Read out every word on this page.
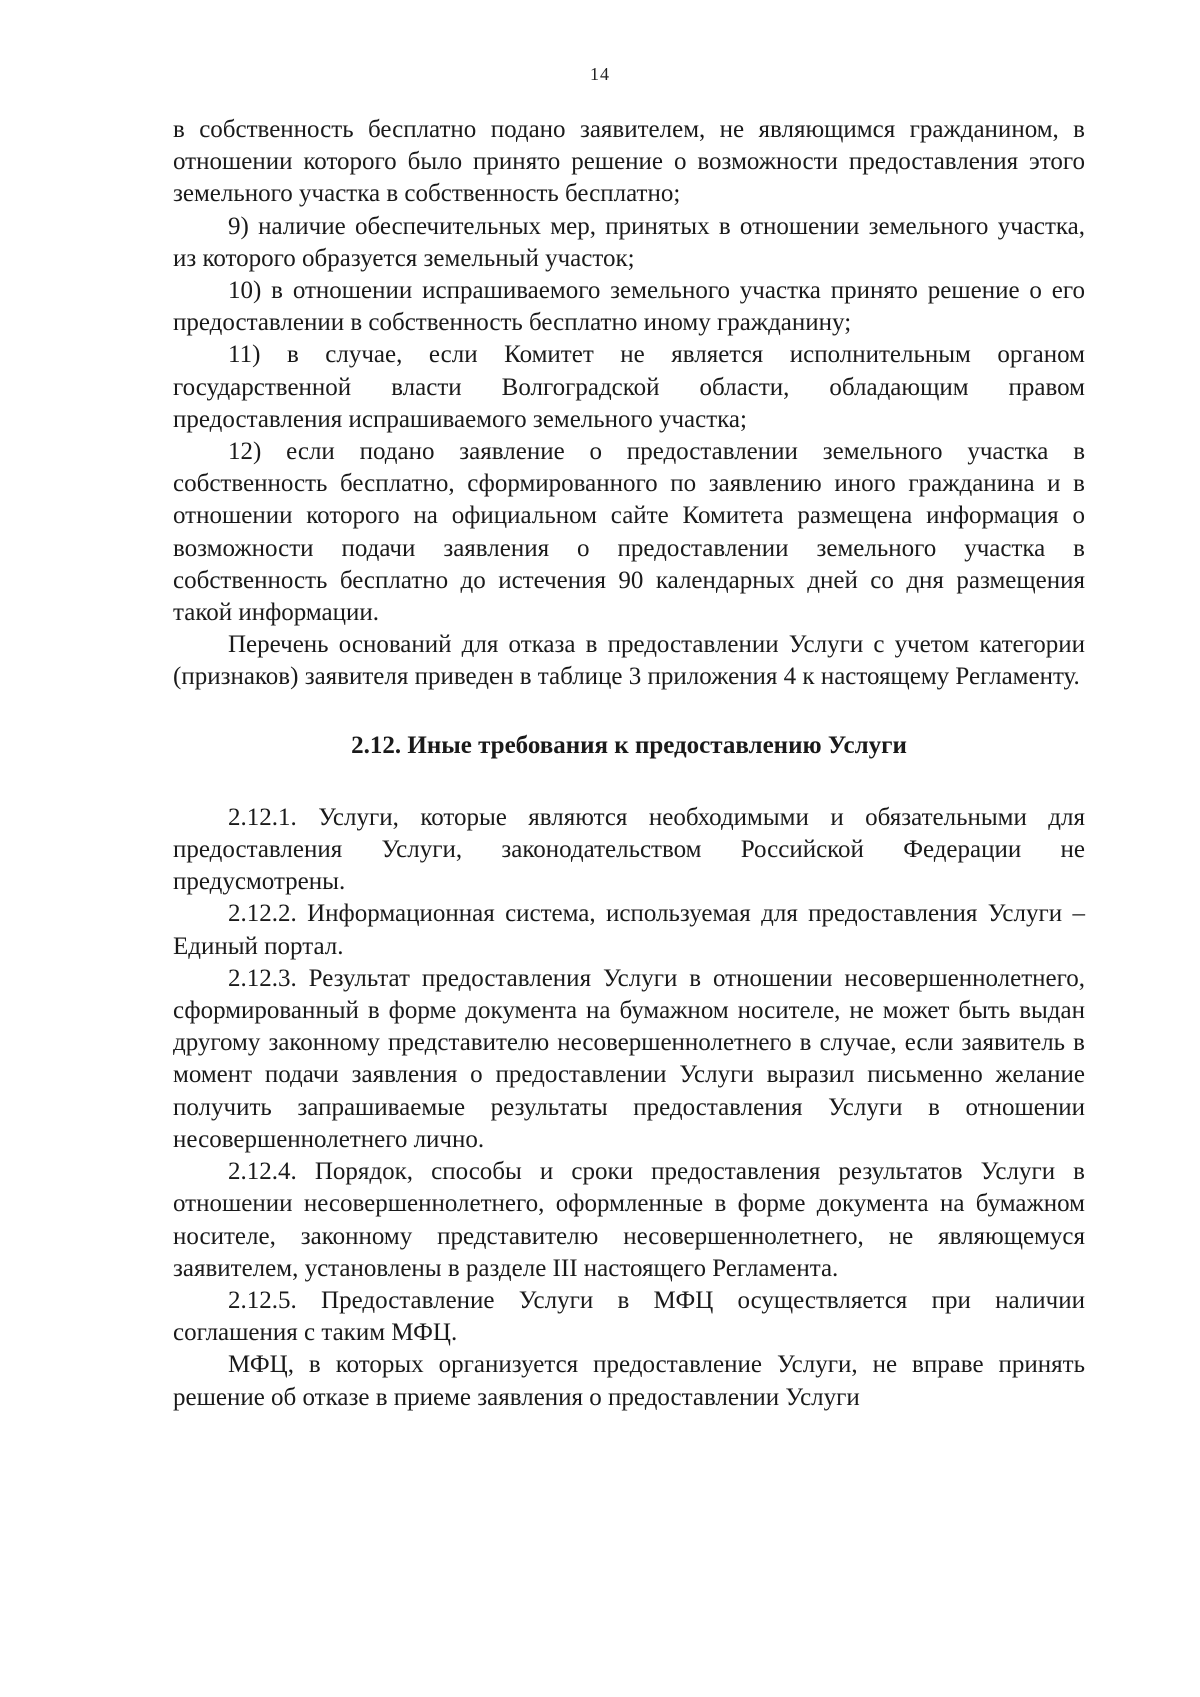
14

в собственность бесплатно подано заявителем, не являющимся гражданином, в отношении которого было принято решение о возможности предоставления этого земельного участка в собственность бесплатно;

9) наличие обеспечительных мер, принятых в отношении земельного участка, из которого образуется земельный участок;

10) в отношении испрашиваемого земельного участка принято решение о его предоставлении в собственность бесплатно иному гражданину;

11) в случае, если Комитет не является исполнительным органом государственной власти Волгоградской области, обладающим правом предоставления испрашиваемого земельного участка;

12) если подано заявление о предоставлении земельного участка в собственность бесплатно, сформированного по заявлению иного гражданина и в отношении которого на официальном сайте Комитета размещена информация о возможности подачи заявления о предоставлении земельного участка в собственность бесплатно до истечения 90 календарных дней со дня размещения такой информации.

Перечень оснований для отказа в предоставлении Услуги с учетом категории (признаков) заявителя приведен в таблице 3 приложения 4 к настоящему Регламенту.

2.12. Иные требования к предоставлению Услуги

2.12.1. Услуги, которые являются необходимыми и обязательными для предоставления Услуги, законодательством Российской Федерации не предусмотрены.

2.12.2. Информационная система, используемая для предоставления Услуги – Единый портал.

2.12.3. Результат предоставления Услуги в отношении несовершеннолетнего, сформированный в форме документа на бумажном носителе, не может быть выдан другому законному представителю несовершеннолетнего в случае, если заявитель в момент подачи заявления о предоставлении Услуги выразил письменно желание получить запрашиваемые результаты предоставления Услуги в отношении несовершеннолетнего лично.

2.12.4. Порядок, способы и сроки предоставления результатов Услуги в отношении несовершеннолетнего, оформленные в форме документа на бумажном носителе, законному представителю несовершеннолетнего, не являющемуся заявителем, установлены в разделе III настоящего Регламента.

2.12.5. Предоставление Услуги в МФЦ осуществляется при наличии соглашения с таким МФЦ.

МФЦ, в которых организуется предоставление Услуги, не вправе принять решение об отказе в приеме заявления о предоставлении Услуги
